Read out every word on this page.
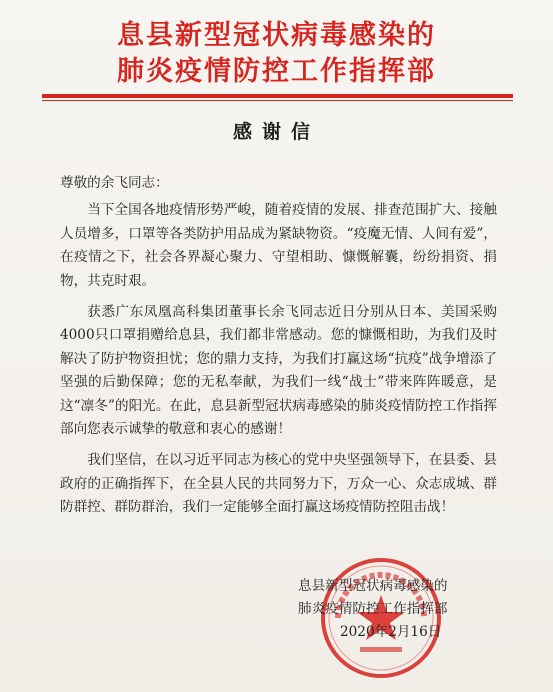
息县新型冠状病毒感染的
肺炎疫情防控工作指挥部
感谢信

尊敬的余飞同志：

当下全国各地疫情形势严峻，随着疫情的发展、排查范围扩大、接触人员增多，口罩等各类防护用品成为紧缺物资。“疫魔无情、人间有爱”，在疫情之下，社会各界凝心聚力、守望相助、慷慨解囊，纷纷捐资、捐物，共克时艰。

获悉广东凤凰高科集团董事长余飞同志近日分别从日本、美国采购4000只口罩捐赠给息县，我们都非常感动。您的慷慨相助，为我们及时解决了防护物资担忧；您的鼎力支持，为我们打赢这场“抗疫”战争增添了坚强的后勤保障；您的无私奉献，为我们一线“战士”带来阵阵暖意，是这“凛冬”的阳光。在此，息县新型冠状病毒感染的肺炎疫情防控工作指挥部向您表示诚挚的敬意和衷心的感谢！

我们坚信，在以习近平同志为核心的党中央坚强领导下，在县委、县政府的正确指挥下，在全县人民的共同努力下，万众一心、众志成城、群防群控、群防群治，我们一定能够全面打赢这场疫情防控阻击战！

息县新型冠状病毒感染的
肺炎疫情防控工作指挥部
2020年2月16日
